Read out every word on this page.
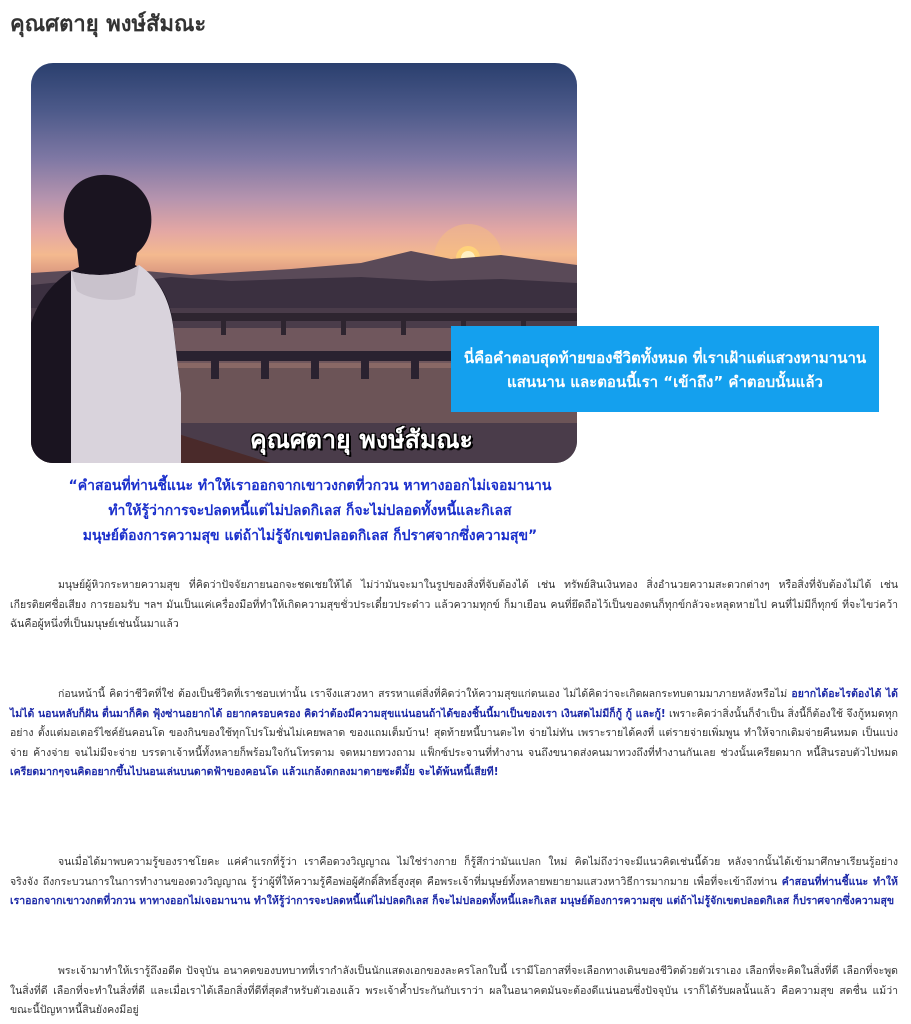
คุณศตายุ พงษ์สัมณะ
นี่คือคำตอบสุดท้ายของชีวิตทั้งหมด ที่เราเฝ้าแต่แสวงหามานาน
แสนนาน และตอนนี้เรา “เข้าถึง” คำตอบนั้นแล้ว
คุณศตายุ พงษ์สัมณะ
“คำสอนที่ท่านชี้แนะ ทำให้เราออกจากเขาวงกตที่วกวน หาทางออกไม่เจอมานาน
ทำให้รู้ว่าการจะปลดหนี้แต่ไม่ปลดกิเลส ก็จะไม่ปลอดทั้งหนี้และกิเลส
มนุษย์ต้องการความสุข แต่ถ้าไม่รู้จักเขตปลอดกิเลส ก็ปราศจากซึ่งความสุข”

มนุษย์ผู้หิวกระหายความสุข ที่คิดว่าปัจจัยภายนอกจะชดเชยให้ได้ ไม่ว่ามันจะมาในรูปของสิ่งที่จับต้องได้ เช่น ทรัพย์สินเงินทอง สิ่งอำนวยความสะดวกต่างๆ หรือสิ่งที่จับต้องไม่ได้ เช่น เกียรติยศชื่อเสียง การยอมรับ ฯลฯ มันเป็นแค่เครื่องมือที่ทำให้เกิดความสุขชั่วประเดี๋ยวประด๋าว แล้วความทุกข์ ก็มาเยือน คนที่ยึดถือไว้เป็นของตนก็ทุกข์กลัวจะหลุดหายไป คนที่ไม่มีก็ทุกข์ ที่จะไขว่คว้า ฉันคือผู้หนึ่งที่เป็นมนุษย์เช่นนั้นมาแล้ว

ก่อนหน้านี้ คิดว่าชีวิตที่ใช่ ต้องเป็นชีวิตที่เราชอบเท่านั้น เราจึงแสวงหา สรรหาแต่สิ่งที่คิดว่าให้ความสุขแก่ตนเอง ไม่ได้คิดว่าจะเกิดผลกระทบตามมาภายหลังหรือไม่ อยากได้อะไรต้องได้ ได้ไม่ได้ นอนหลับก็ฝัน ตื่นมาก็คิด ฟุ้งซ่านอยากได้ อยากครอบครอง คิดว่าต้องมีความสุขแน่นอนถ้าได้ของชิ้นนี้มาเป็นของเรา เงินสดไม่มีก็กู้ กู้ และกู้! เพราะคิดว่าสิ่งนั้นก็จำเป็น สิ่งนี้ก็ต้องใช้ จึงกู้หมดทุกอย่าง ตั้งแต่มอเตอร์ไซค์ยันคอนโด ของกินของใช้ทุกโปรโมชั่นไม่เคยพลาด ของแถมเต็มบ้าน! สุดท้ายหนี้บานตะไท จ่ายไม่ทัน เพราะรายได้คงที่ แต่รายจ่ายเพิ่มพูน ทำให้จากเดิมจ่ายคืนหมด เป็นแบ่งจ่าย ค้างจ่าย จนไม่มีจะจ่าย บรรดาเจ้าหนี้ทั้งหลายก็พร้อมใจกันโทรตาม จดหมายทวงถาม แฟ็กซ์ประจานที่ทำงาน จนถึงขนาดส่งคนมาทวงถึงที่ทำงานกันเลย ช่วงนั้นเครียดมาก หนี้สินรอบตัวไปหมด เครียดมากๆจนคิดอยากขึ้นไปนอนเล่นบนดาดฟ้าของคอนโด แล้วแกล้งตกลงมาตายซะดีมั้ย จะได้พ้นหนี้เสียที!

จนเมื่อได้มาพบความรู้ของราชโยคะ แค่คำแรกที่รู้ว่า เราคือดวงวิญญาณ ไม่ใช่ร่างกาย ก็รู้สึกว่ามันแปลก ใหม่ คิดไม่ถึงว่าจะมีแนวคิดเช่นนี้ด้วย หลังจากนั้นได้เข้ามาศึกษาเรียนรู้อย่างจริงจัง ถึงกระบวนการในการทำงานของดวงวิญญาณ รู้ว่าผู้ที่ให้ความรู้คือพ่อผู้ศักดิ์สิทธิ์สูงสุด คือพระเจ้าที่มนุษย์ทั้งหลายพยายามแสวงหาวิธีการมากมาย เพื่อที่จะเข้าถึงท่าน คำสอนที่ท่านชี้แนะ ทำให้เราออกจากเขาวงกตที่วกวน หาทางออกไม่เจอมานาน ทำให้รู้ว่าการจะปลดหนี้แต่ไม่ปลดกิเลส ก็จะไม่ปลอดทั้งหนี้และกิเลส มนุษย์ต้องการความสุข แต่ถ้าไม่รู้จักเขตปลอดกิเลส ก็ปราศจากซึ่งความสุข

พระเจ้ามาทำให้เรารู้ถึงอดีต ปัจจุบัน อนาคตของบทบาทที่เรากำลังเป็นนักแสดงเอกของละครโลกใบนี้ เรามีโอกาสที่จะเลือกทางเดินของชีวิตด้วยตัวเราเอง เลือกที่จะคิดในสิ่งที่ดี เลือกที่จะพูดในสิ่งที่ดี เลือกที่จะทำในสิ่งที่ดี และเมื่อเราได้เลือกสิ่งที่ดีที่สุดสำหรับตัวเองแล้ว พระเจ้าค้ำประกันกับเราว่า ผลในอนาคตมันจะต้องดีแน่นอนซึ่งปัจจุบัน เราก็ได้รับผลนั้นแล้ว คือความสุข สดชื่น แม้ว่าขณะนี้ปัญหาหนี้สินยังคงมีอยู่
